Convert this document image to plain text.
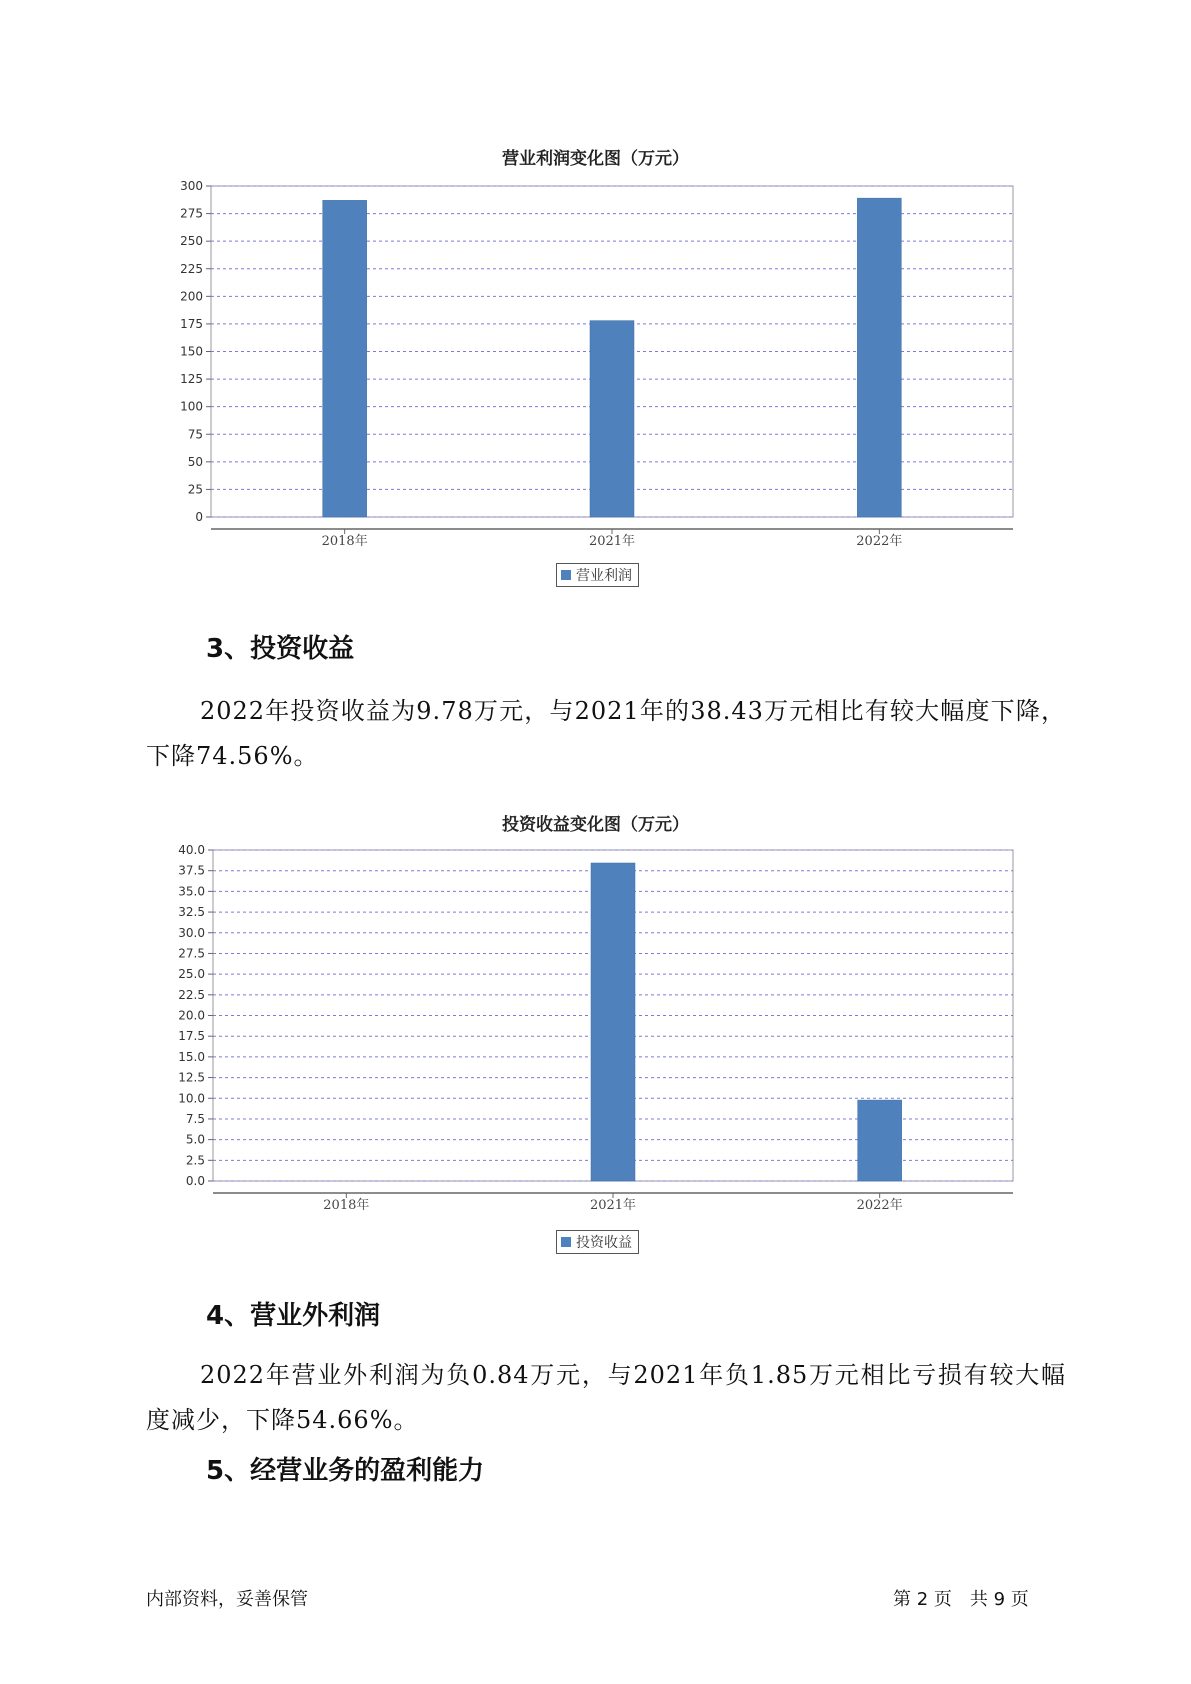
营业利润变化图（万元）
0
25
50
75
100
125
150
175
200
225
250
275
300
2018年	2021年	2022年
营业利润
3、投资收益

2022年投资收益为9.78万元，与2021年的38.43万元相比有较大幅度下降，下降74.56%。

投资收益变化图（万元）
0.0
2.5
5.0
7.5
10.0
12.5
15.0
17.5
20.0
22.5
25.0
27.5
30.0
32.5
35.0
37.5
40.0
2018年	2021年	2022年
投资收益
4、营业外利润

2022年营业外利润为负0.84万元，与2021年负1.85万元相比亏损有较大幅度减少，下降54.66%。

5、经营业务的盈利能力
内部资料，妥善保管	第 2 页　共 9 页
